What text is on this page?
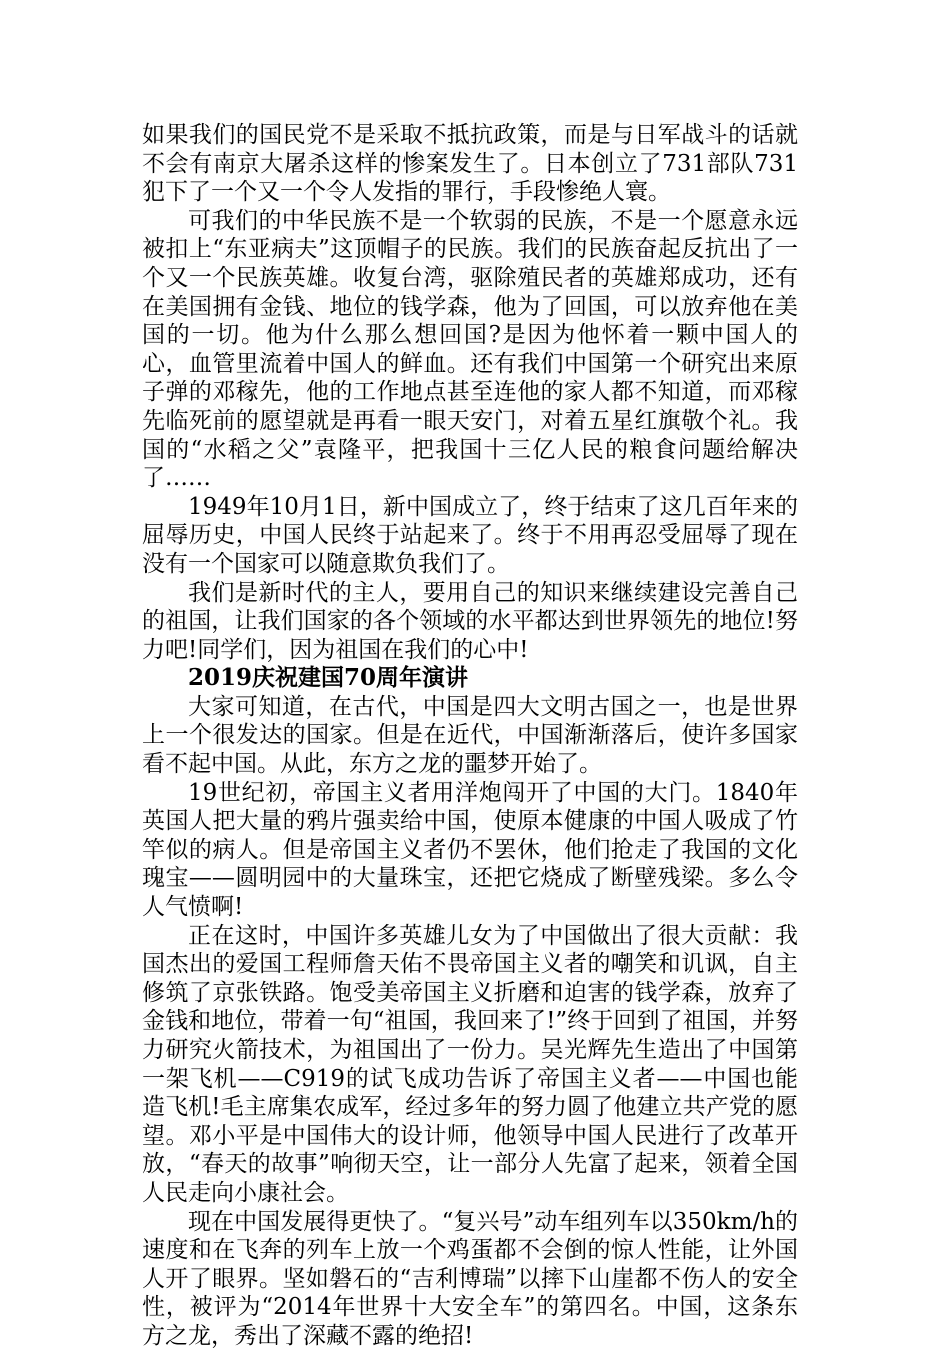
如果我们的国民党不是采取不抵抗政策，而是与日军战斗的话就不会有南京大屠杀这样的惨案发生了。日本创立了731部队731犯下了一个又一个令人发指的罪行，手段惨绝人寰。

可我们的中华民族不是一个软弱的民族，不是一个愿意永远被扣上“东亚病夫”这顶帽子的民族。我们的民族奋起反抗出了一个又一个民族英雄。收复台湾，驱除殖民者的英雄郑成功，还有在美国拥有金钱、地位的钱学森，他为了回国，可以放弃他在美国的一切。他为什么那么想回国?是因为他怀着一颗中国人的心，血管里流着中国人的鲜血。还有我们中国第一个研究出来原子弹的邓稼先，他的工作地点甚至连他的家人都不知道，而邓稼先临死前的愿望就是再看一眼天安门，对着五星红旗敬个礼。我国的“水稻之父”袁隆平，把我国十三亿人民的粮食问题给解决了……

1949年10月1日，新中国成立了，终于结束了这几百年来的屈辱历史，中国人民终于站起来了。终于不用再忍受屈辱了现在没有一个国家可以随意欺负我们了。

我们是新时代的主人，要用自己的知识来继续建设完善自己的祖国，让我们国家的各个领域的水平都达到世界领先的地位!努力吧!同学们，因为祖国在我们的心中!

2019庆祝建国70周年演讲

大家可知道，在古代，中国是四大文明古国之一，也是世界上一个很发达的国家。但是在近代，中国渐渐落后，使许多国家看不起中国。从此，东方之龙的噩梦开始了。

19世纪初，帝国主义者用洋炮闯开了中国的大门。1840年英国人把大量的鸦片强卖给中国，使原本健康的中国人吸成了竹竿似的病人。但是帝国主义者仍不罢休，他们抢走了我国的文化瑰宝——圆明园中的大量珠宝，还把它烧成了断壁残梁。多么令人气愤啊!

正在这时，中国许多英雄儿女为了中国做出了很大贡献：我国杰出的爱国工程师詹天佑不畏帝国主义者的嘲笑和讥讽，自主修筑了京张铁路。饱受美帝国主义折磨和迫害的钱学森，放弃了金钱和地位，带着一句“祖国，我回来了!”终于回到了祖国，并努力研究火箭技术，为祖国出了一份力。吴光辉先生造出了中国第一架飞机——C919的试飞成功告诉了帝国主义者——中国也能造飞机!毛主席集农成军，经过多年的努力圆了他建立共产党的愿望。邓小平是中国伟大的设计师，他领导中国人民进行了改革开放，“春天的故事”响彻天空，让一部分人先富了起来，领着全国人民走向小康社会。

现在中国发展得更快了。“复兴号”动车组列车以350km/h的速度和在飞奔的列车上放一个鸡蛋都不会倒的惊人性能，让外国人开了眼界。坚如磐石的“吉利博瑞”以摔下山崖都不伤人的安全性，被评为“2014年世界十大安全车”的第四名。中国，这条东方之龙，秀出了深藏不露的绝招!
